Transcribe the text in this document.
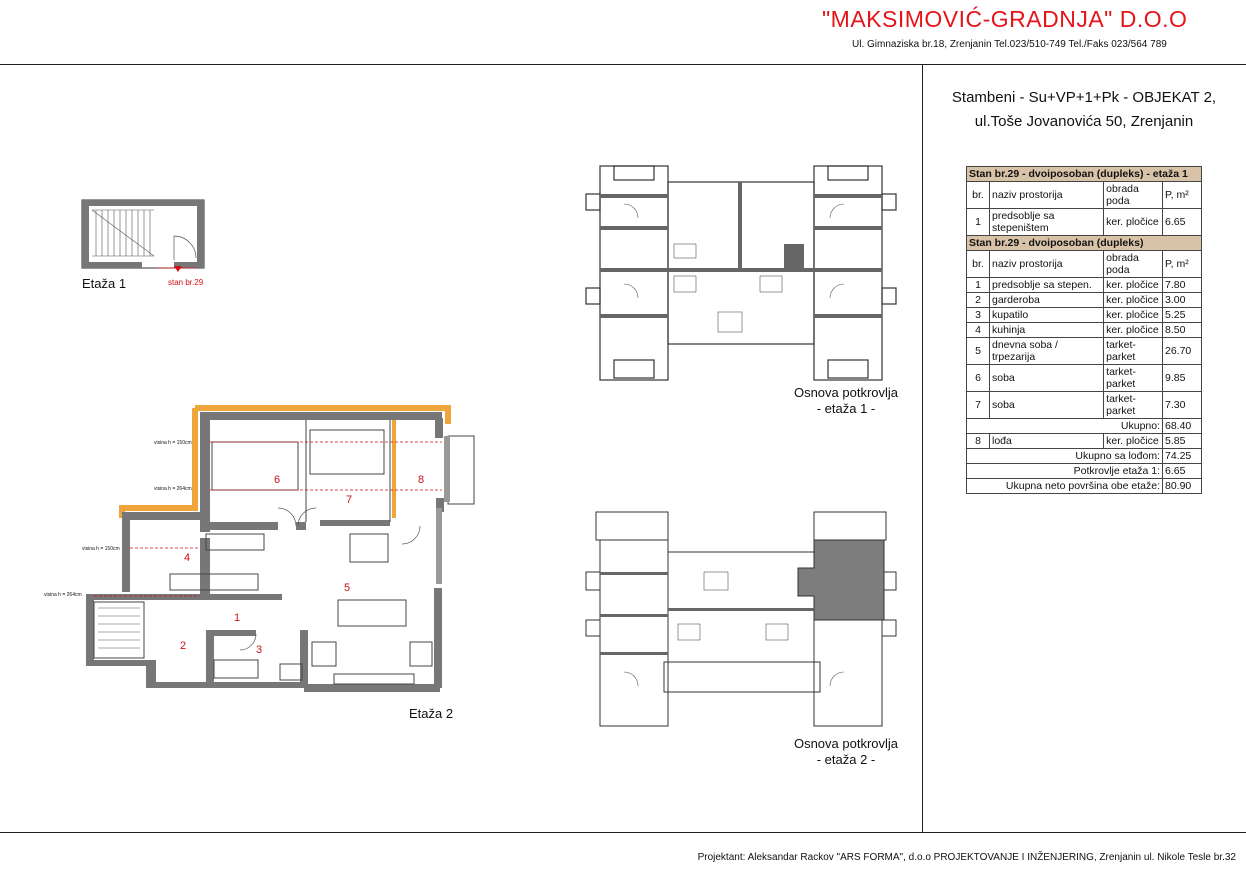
"MAKSIMOVIĆ-GRADNJA" D.O.O
Ul. Gimnaziska br.18, Zrenjanin Tel.023/510-749 Tel./Faks 023/564 789
Stambeni - Su+VP+1+Pk - OBJEKAT 2,
ul.Toše Jovanovića 50, Zrenjanin
Etaža 1	stan br.29
6
7
8
4
5
1
2	3
visina h = 150cm
visina h = 264cm
visina h = 150cm
visina h = 264cm
Etaža 2
Osnova potkrovlja
- etaža 1 -
Osnova potkrovlja
- etaža 2 -
Stan br.29 - dvoiposoban (dupleks) - etaža 1			
br.	naziv prostorija	obrada poda	P, m²
1	predsoblje sa stepeništem	ker. pločice	6.65
Stan br.29 - dvoiposoban (dupleks)			
br.	naziv prostorija	obrada poda	P, m²
1	predsoblje sa stepen.	ker. pločice	7.80
2	garderoba	ker. pločice	3.00
3	kupatilo	ker. pločice	5.25
4	kuhinja	ker. pločice	8.50
5	dnevna soba / trpezarija	tarket-parket	26.70
6	soba	tarket-parket	9.85
7	soba	tarket-parket	7.30
Ukupno:			68.40
8	lođa	ker. pločice	5.85
Ukupno sa lođom:			74.25
Potkrovlje etaža 1:			6.65
Ukupna neto površina obe etaže:			80.90
Projektant: Aleksandar Rackov "ARS FORMA", d.o.o PROJEKTOVANJE I INŽENJERING, Zrenjanin ul. Nikole Tesle br.32
